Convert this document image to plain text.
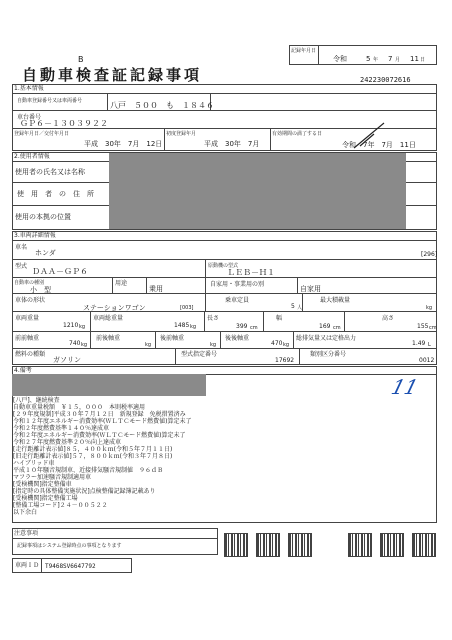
記録年月日
令和	5 年 7 月 11 日
B
自動車検査証記録事項	242230072616
1.基本情報
自動車登録番号又は車両番号	八戸　５００　も　１８４６
車台番号
ＧＰ６－１３０３９２２
登録年月日／交付年月日
平成　30年　7月　12日
初度登録年月
平成　30年　7月
有効期間の満了する日
令和　7年　7月　11日
2.使用者情報
使用者の氏名又は名称
使　用　者　の　住　所
使用の本拠の位置
3.車両詳細情報
車名
ホンダ	[296]
型式
ＤＡＡ－ＧＰ６
原動機の型式
ＬＥＢ－Ｈ１
自動車の種別
小　型
用途
乗用
自家用・事業用の別
自家用
車体の形状
ステーションワゴン	[003]
乗車定員
5 人
最大積載量
kg
車両重量
1210 kg
車両総重量
1485 kg
長さ
399 cm
幅
169 cm
高さ
155 cm
前前軸重
740 kg
前後軸重
kg
後前軸重
kg
後後軸重
470 kg
総排気量又は定格出力
1.49 L
燃料の種類
ガソリン
型式指定番号
17692
類別区分番号
0012
4.備考
11
[八戸]、継続検査
自動車重量税額　￥１５，０００　本則税率適用
[２９年度規制]平成３０年７月１２日　新規登録　免税措置済み
令和１２年度エネルギー消費効率(ＷＬＴＣモード燃費値)算定未了
令和２年度燃費基準１４０％達成車
令和２年度エネルギー消費効率(ＷＬＴＣモード燃費値)算定未了
令和２７年度燃費基準２０％向上達成車
[走行距離計表示値]８５，４００ｋｍ(令和５年７月１１日)
[旧走行距離計表示値]５７，８００ｋｍ(令和３年７月８日)
ハイブリッド車
平成１０年騒音規制車、近接排気騒音規制値　９６ｄＢ
マフラー加速騒音規制適用車
[受検機関]指定整備車
[指定時の具体整備実施状況]点検整備記録簿記載あり
[受検機関]指定整備工場
[整備工場コード]２４－００５２２
以下余白
注意事項
記録事項はシステム登録時点の事項となります
車両ＩＤ T9468SV6647792
